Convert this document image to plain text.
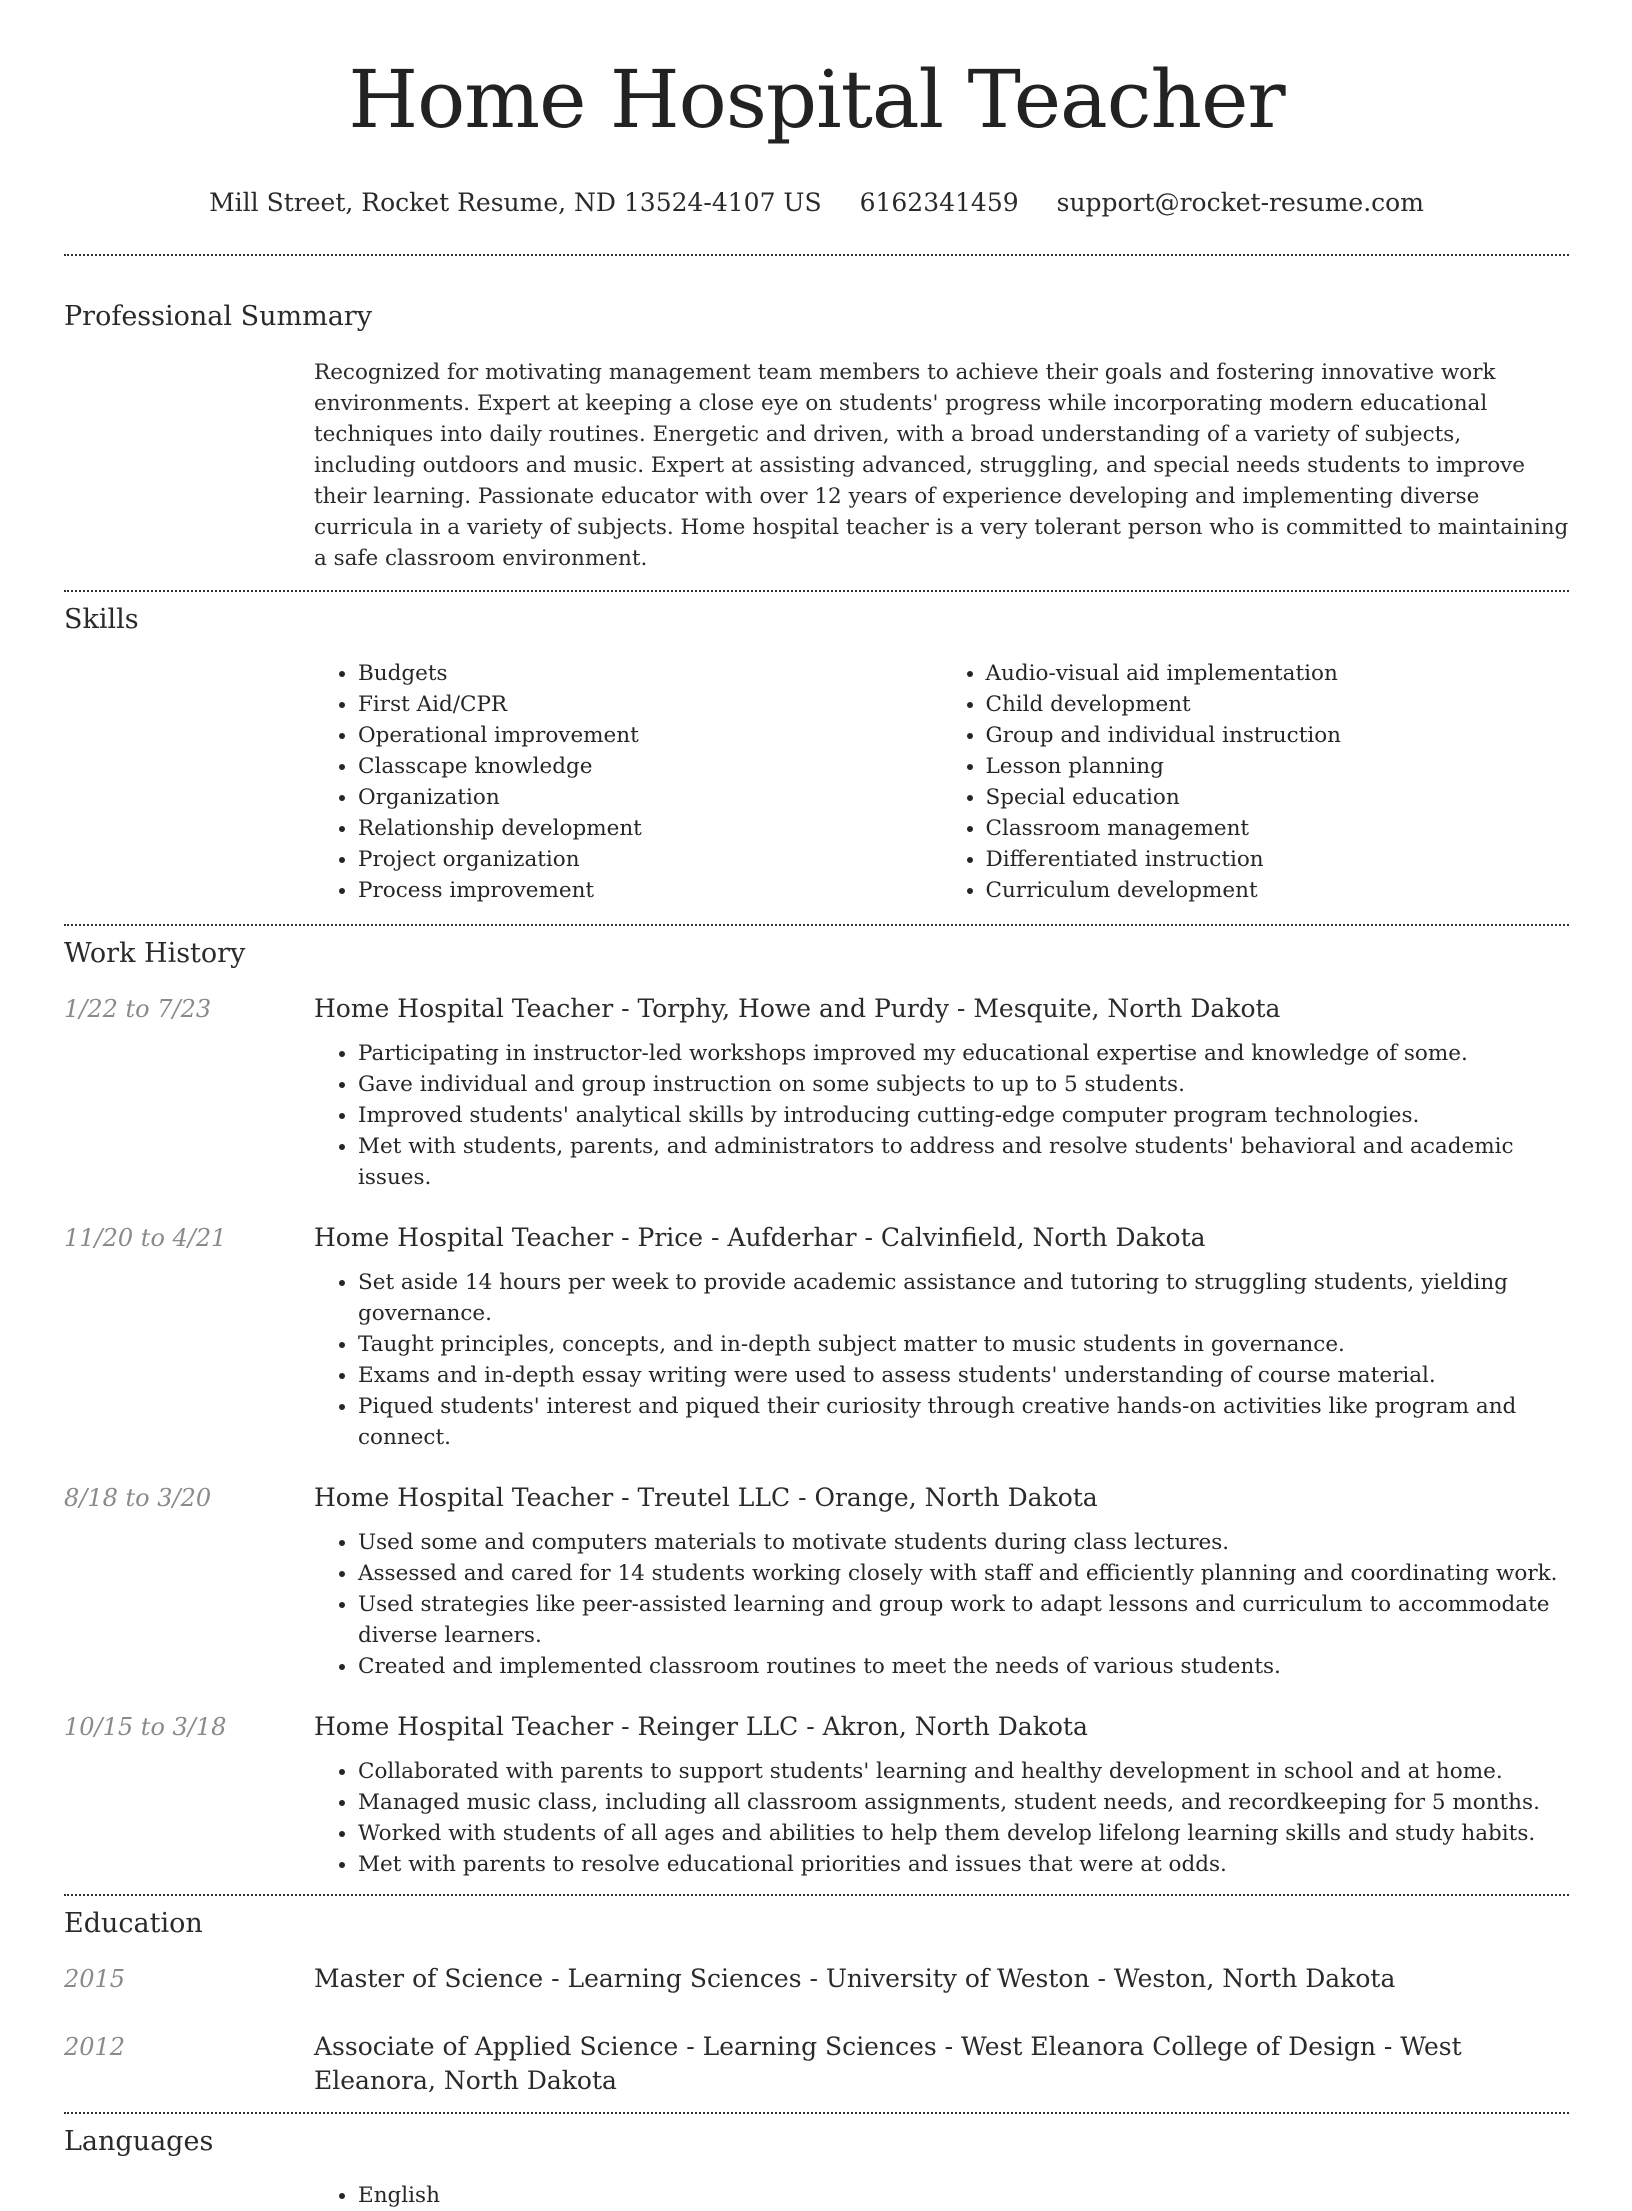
Home Hospital Teacher
Mill Street, Rocket Resume, ND 13524-4107 US 6162341459 support@rocket-resume.com
Professional Summary
Recognized for motivating management team members to achieve their goals and fostering innovative work environments. Expert at keeping a close eye on students' progress while incorporating modern educational techniques into daily routines. Energetic and driven, with a broad understanding of a variety of subjects, including outdoors and music. Expert at assisting advanced, struggling, and special needs students to improve their learning. Passionate educator with over 12 years of experience developing and implementing diverse curricula in a variety of subjects. Home hospital teacher is a very tolerant person who is committed to maintaining a safe classroom environment.
Skills
• Budgets
• First Aid/CPR
• Operational improvement
• Classcape knowledge
• Organization
• Relationship development
• Project organization
• Process improvement
• Audio-visual aid implementation
• Child development
• Group and individual instruction
• Lesson planning
• Special education
• Classroom management
• Differentiated instruction
• Curriculum development
Work History
1/22 to 7/23	Home Hospital Teacher - Torphy, Howe and Purdy - Mesquite, North Dakota
• Participating in instructor-led workshops improved my educational expertise and knowledge of some.
• Gave individual and group instruction on some subjects to up to 5 students.
• Improved students' analytical skills by introducing cutting-edge computer program technologies.
• Met with students, parents, and administrators to address and resolve students' behavioral and academic issues.
11/20 to 4/21	Home Hospital Teacher - Price - Aufderhar - Calvinfield, North Dakota
• Set aside 14 hours per week to provide academic assistance and tutoring to struggling students, yielding governance.
• Taught principles, concepts, and in-depth subject matter to music students in governance.
• Exams and in-depth essay writing were used to assess students' understanding of course material.
• Piqued students' interest and piqued their curiosity through creative hands-on activities like program and connect.
8/18 to 3/20	Home Hospital Teacher - Treutel LLC - Orange, North Dakota
• Used some and computers materials to motivate students during class lectures.
• Assessed and cared for 14 students working closely with staff and efficiently planning and coordinating work.
• Used strategies like peer-assisted learning and group work to adapt lessons and curriculum to accommodate diverse learners.
• Created and implemented classroom routines to meet the needs of various students.
10/15 to 3/18	Home Hospital Teacher - Reinger LLC - Akron, North Dakota
• Collaborated with parents to support students' learning and healthy development in school and at home.
• Managed music class, including all classroom assignments, student needs, and recordkeeping for 5 months.
• Worked with students of all ages and abilities to help them develop lifelong learning skills and study habits.
• Met with parents to resolve educational priorities and issues that were at odds.
Education
2015	Master of Science - Learning Sciences - University of Weston - Weston, North Dakota
2012	Associate of Applied Science - Learning Sciences - West Eleanora College of Design - West Eleanora, North Dakota
Languages
• English
